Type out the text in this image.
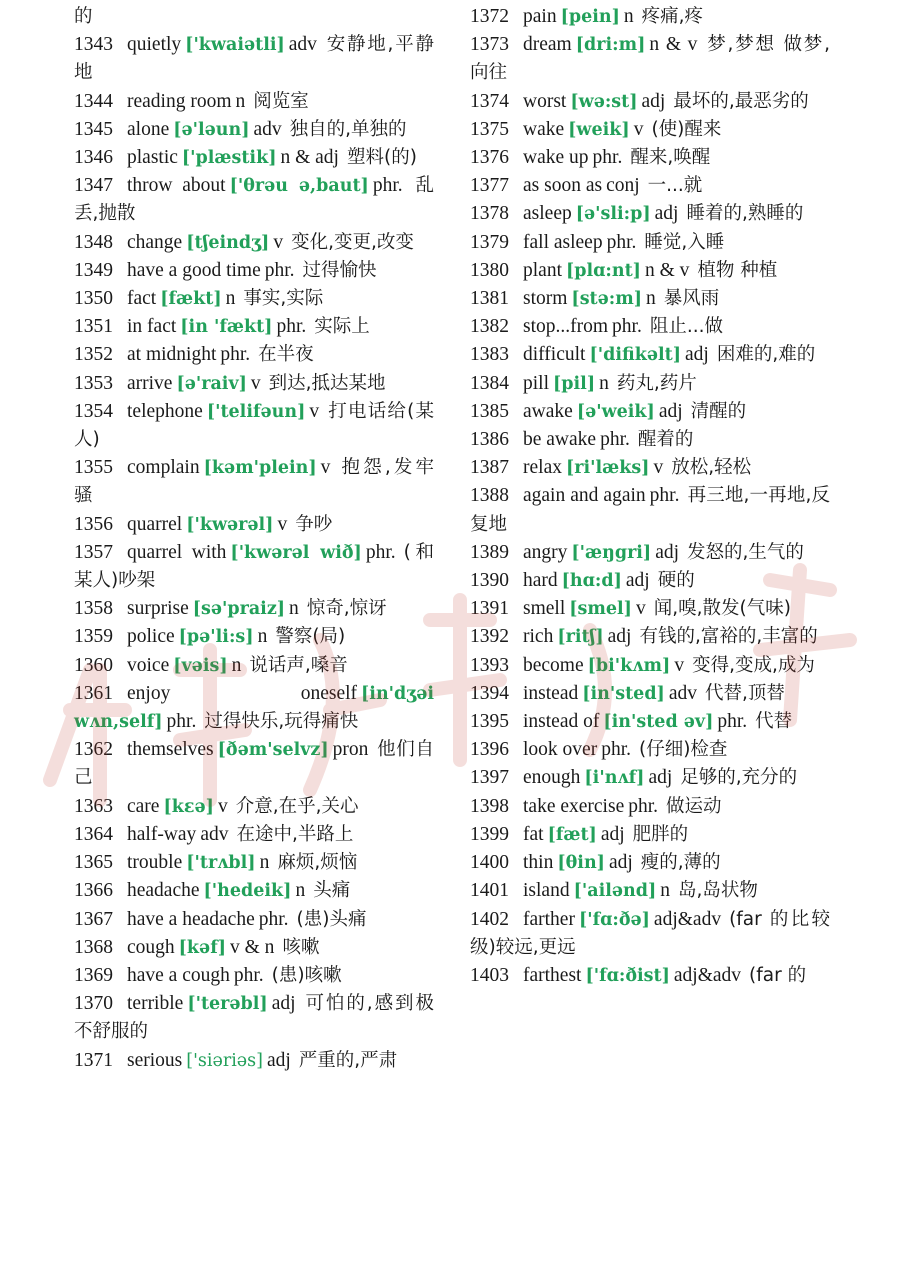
的

1343 quietly ['kwaiətli] adv 安静地,平静地

1344 reading room n 阅览室

1345 alone [ə'ləun] adv 独自的,单独的

1346 plastic ['plæstik] n & adj 塑料(的)

1347 throw about ['θrəu ə,baut] phr. 乱丢,抛散

1348 change [tʃeindʒ] v 变化,变更,改变

1349 have a good time phr. 过得愉快

1350 fact [fækt] n 事实,实际

1351 in fact [in 'fækt] phr. 实际上

1352 at midnight phr. 在半夜

1353 arrive [ə'raiv] v 到达,抵达某地

1354 telephone ['telifəun] v 打电话给(某人)

1355 complain [kəm'plein] v 抱怨,发牢骚

1356 quarrel ['kwərəl] v 争吵

1357 quarrel with ['kwərəl wið] phr. (和某人)吵架

1358 surprise [sə'praiz] n 惊奇,惊讶

1359 police [pə'li:s] n 警察(局)

1360 voice [vəis] n 说话声,嗓音

1361 enjoy oneself [in'dʒəi wʌn,self] phr. 过得快乐,玩得痛快

1362 themselves [ðəm'selvz] pron 他们自己

1363 care [kɛə] v 介意,在乎,关心

1364 half-way adv 在途中,半路上

1365 trouble ['trʌbl] n 麻烦,烦恼

1366 headache ['hedeik] n 头痛

1367 have a headache phr. (患)头痛

1368 cough [kəf] v & n 咳嗽

1369 have a cough phr. (患)咳嗽

1370 terrible ['terəbl] adj 可怕的,感到极不舒服的

1371 serious ['siəriəs] adj 严重的,严肃

1372 pain [pein] n 疼痛,疼

1373 dream [dri:m] n & v 梦,梦想 做梦,向往

1374 worst [wə:st] adj 最坏的,最恶劣的

1375 wake [weik] v (使)醒来

1376 wake up phr. 醒来,唤醒

1377 as soon as conj 一...就

1378 asleep [ə'sli:p] adj 睡着的,熟睡的

1379 fall asleep phr. 睡觉,入睡

1380 plant [plɑ:nt] n & v 植物 种植

1381 storm [stə:m] n 暴风雨

1382 stop...from phr. 阻止...做

1383 difficult ['difikəlt] adj 困难的,难的

1384 pill [pil] n 药丸,药片

1385 awake [ə'weik] adj 清醒的

1386 be awake phr. 醒着的

1387 relax [ri'læks] v 放松,轻松

1388 again and again phr. 再三地,一再地,反复地

1389 angry ['æŋgri] adj 发怒的,生气的

1390 hard [hɑ:d] adj 硬的

1391 smell [smel] v 闻,嗅,散发(气味)

1392 rich [ritʃ] adj 有钱的,富裕的,丰富的

1393 become [bi'kʌm] v 变得,变成,成为

1394 instead [in'sted] adv 代替,顶替

1395 instead of [in'sted əv] phr. 代替

1396 look over phr. (仔细)检查

1397 enough [i'nʌf] adj 足够的,充分的

1398 take exercise phr. 做运动

1399 fat [fæt] adj 肥胖的

1400 thin [θin] adj 瘦的,薄的

1401 island ['ailənd] n 岛,岛状物

1402 farther ['fɑ:ðə] adj&adv (far 的比较级)较远,更远

1403 farthest ['fɑ:ðist] adj&adv (far 的
